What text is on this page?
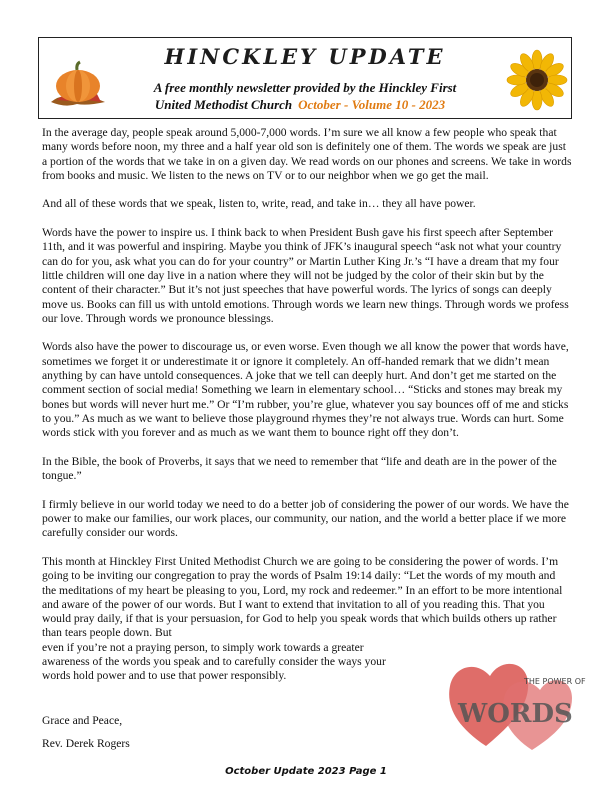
HINCKLEY UPDATE
A free monthly newsletter provided by the Hinckley First
United Methodist Church October - Volume 10 - 2023

In the average day, people speak around 5,000-7,000 words. I’m sure we all know a few people who speak that many words before noon, my three and a half year old son is definitely one of them. The words we speak are just a portion of the words that we take in on a given day. We read words on our phones and screens. We take in words from books and music. We listen to the news on TV or to our neighbor when we go get the mail.

And all of these words that we speak, listen to, write, read, and take in… they all have power.

Words have the power to inspire us. I think back to when President Bush gave his first speech after September 11th, and it was powerful and inspiring. Maybe you think of JFK’s inaugural speech “ask not what your country can do for you, ask what you can do for your country” or Martin Luther King Jr.’s “I have a dream that my four little children will one day live in a nation where they will not be judged by the color of their skin but by the content of their character.” But it’s not just speeches that have powerful words. The lyrics of songs can deeply move us. Books can fill us with untold emotions. Through words we learn new things. Through words we profess our love. Through words we pronounce blessings.

Words also have the power to discourage us, or even worse. Even though we all know the power that words have, sometimes we forget it or underestimate it or ignore it completely. An off-handed remark that we didn’t mean anything by can have untold consequences. A joke that we tell can deeply hurt. And don’t get me started on the comment section of social media! Something we learn in elementary school… “Sticks and stones may break my bones but words will never hurt me.” Or “I’m rubber, you’re glue, whatever you say bounces off of me and sticks to you.” As much as we want to believe those playground rhymes they’re not always true. Words can hurt. Some words stick with you forever and as much as we want them to bounce right off they don’t.

In the Bible, the book of Proverbs, it says that we need to remember that “life and death are in the power of the tongue.”

I firmly believe in our world today we need to do a better job of considering the power of our words. We have the power to make our families, our work places, our community, our nation, and the world a better place if we more carefully consider our words.

This month at Hinckley First United Methodist Church we are going to be considering the power of words. I’m going to be inviting our congregation to pray the words of Psalm 19:14 daily: “Let the words of my mouth and the meditations of my heart be pleasing to you, Lord, my rock and redeemer.” In an effort to be more intentional and aware of the power of our words. But I want to extend that invitation to all of you reading this. That you would pray daily, if that is your persuasion, for God to help you speak words that which builds others up rather than tears people down. But

even if you’re not a praying person, to simply work towards a greater awareness of the words you speak and to carefully consider the ways your words hold power and to use that power responsibly.

Grace and Peace,
Rev. Derek Rogers
THE POWER OF
WORDS
October Update 2023 Page 1
